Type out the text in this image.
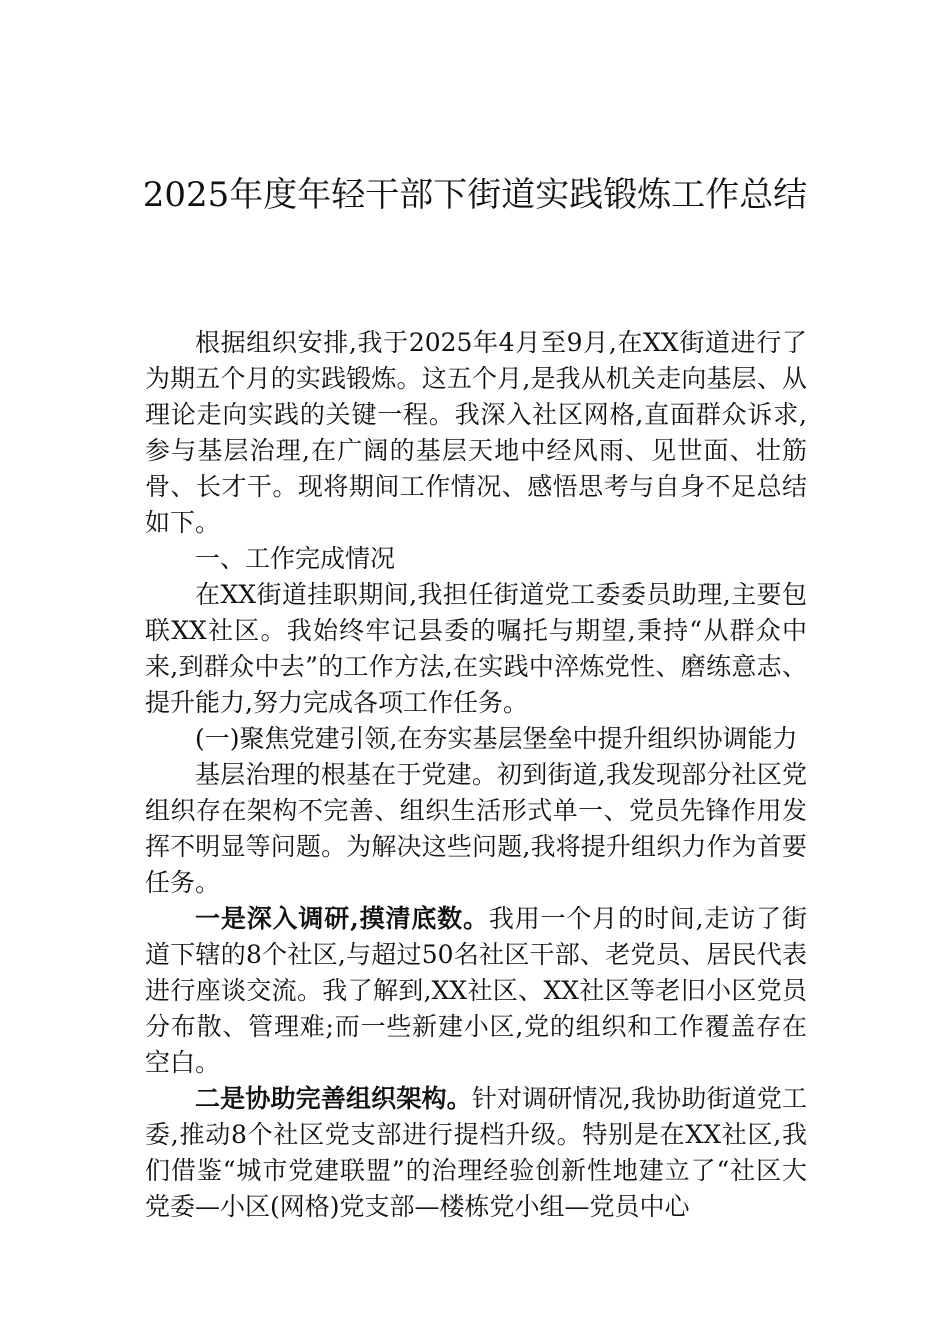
2025年度年轻干部下街道实践锻炼工作总结

根据组织安排,我于2025年4月至9月,在XX街道进行了为期五个月的实践锻炼。这五个月,是我从机关走向基层、从理论走向实践的关键一程。我深入社区网格,直面群众诉求,参与基层治理,在广阔的基层天地中经风雨、见世面、壮筋骨、长才干。现将期间工作情况、感悟思考与自身不足总结如下。

一、工作完成情况

在XX街道挂职期间,我担任街道党工委委员助理,主要包联XX社区。我始终牢记县委的嘱托与期望,秉持“从群众中来,到群众中去”的工作方法,在实践中淬炼党性、磨练意志、提升能力,努力完成各项工作任务。

(一)聚焦党建引领,在夯实基层堡垒中提升组织协调能力

基层治理的根基在于党建。初到街道,我发现部分社区党组织存在架构不完善、组织生活形式单一、党员先锋作用发挥不明显等问题。为解决这些问题,我将提升组织力作为首要任务。

一是深入调研,摸清底数。我用一个月的时间,走访了街道下辖的8个社区,与超过50名社区干部、老党员、居民代表进行座谈交流。我了解到,XX社区、XX社区等老旧小区党员分布散、管理难;而一些新建小区,党的组织和工作覆盖存在空白。

二是协助完善组织架构。针对调研情况,我协助街道党工委,推动8个社区党支部进行提档升级。特别是在XX社区,我们借鉴“城市党建联盟”的治理经验创新性地建立了“社区大党委—小区(网格)党支部—楼栋党小组—党员中心
